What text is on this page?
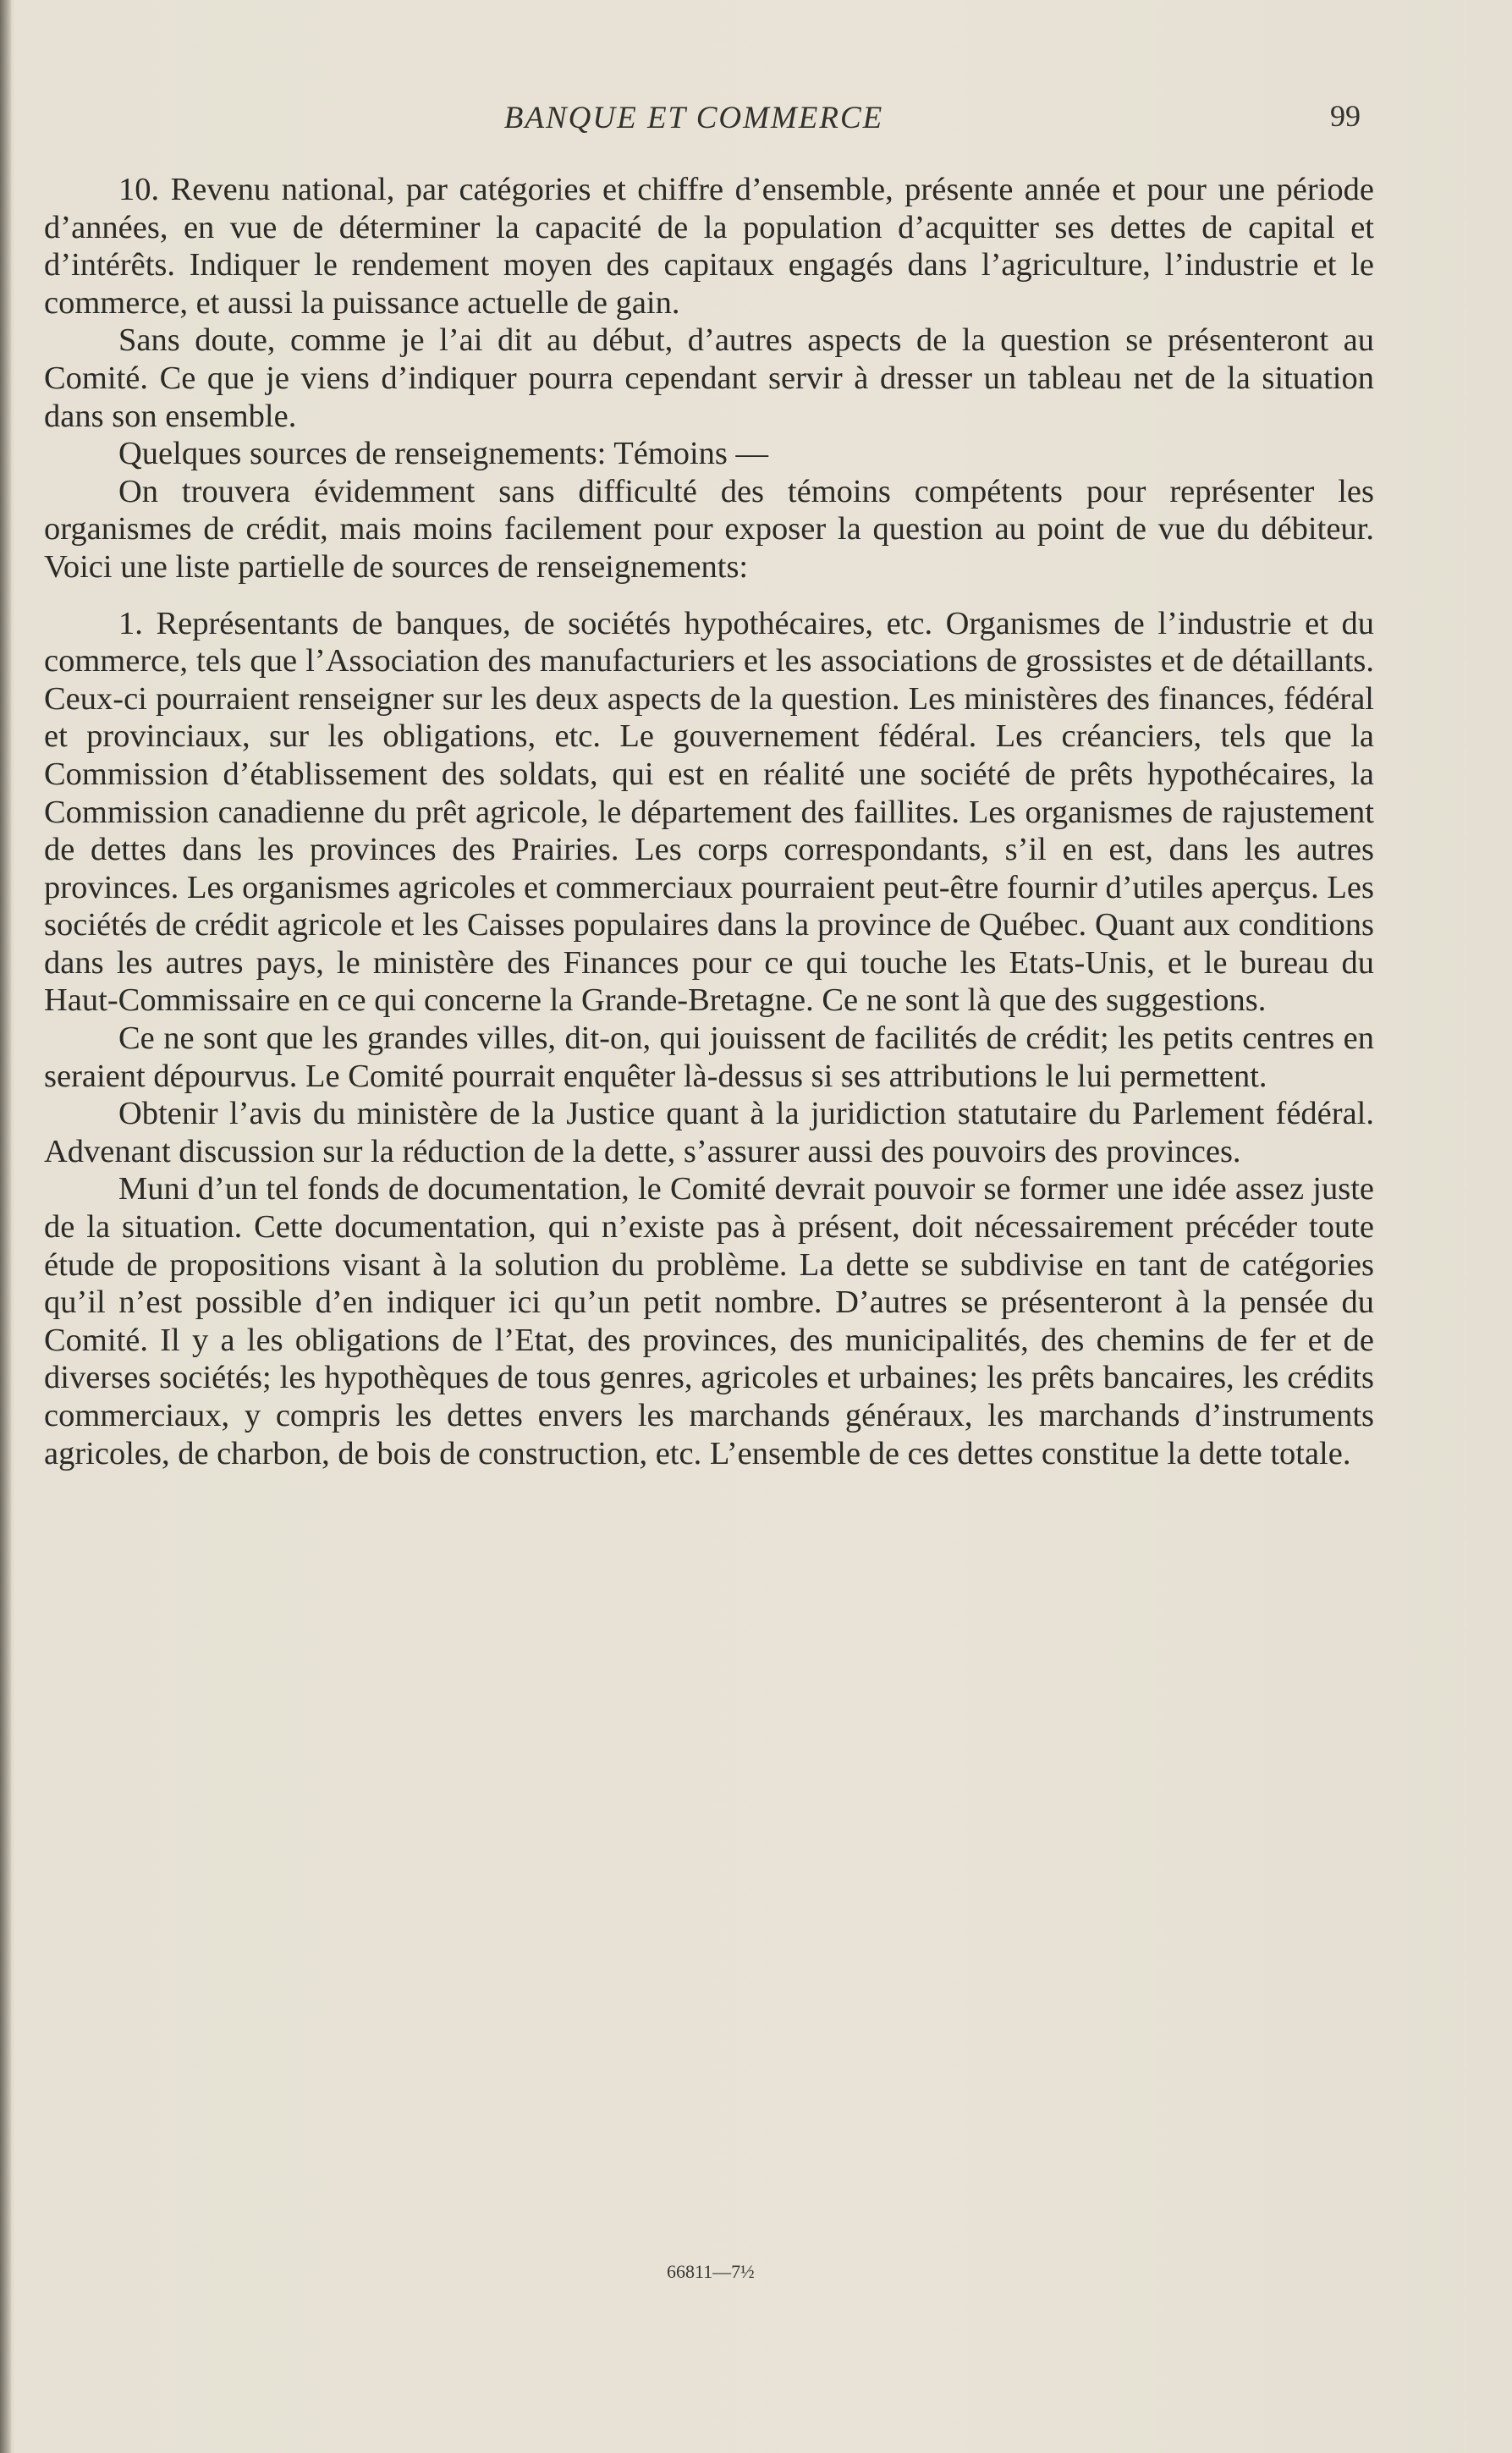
BANQUE ET COMMERCE	99

10. Revenu national, par catégories et chiffre d’ensemble, présente année et pour une période d’années, en vue de déterminer la capacité de la population d’acquitter ses dettes de capital et d’intérêts. Indiquer le rendement moyen des capitaux engagés dans l’agriculture, l’industrie et le commerce, et aussi la puissance actuelle de gain.

Sans doute, comme je l’ai dit au début, d’autres aspects de la question se présenteront au Comité. Ce que je viens d’indiquer pourra cependant servir à dresser un tableau net de la situation dans son ensemble.

Quelques sources de renseignements: Témoins —

On trouvera évidemment sans difficulté des témoins compétents pour représenter les organismes de crédit, mais moins facilement pour exposer la question au point de vue du débiteur. Voici une liste partielle de sources de renseignements:

1. Représentants de banques, de sociétés hypothécaires, etc. Organismes de l’industrie et du commerce, tels que l’Association des manufacturiers et les associations de grossistes et de détaillants. Ceux-ci pourraient renseigner sur les deux aspects de la question. Les ministères des finances, fédéral et provinciaux, sur les obligations, etc. Le gouvernement fédéral. Les créanciers, tels que la Commission d’établissement des soldats, qui est en réalité une société de prêts hypothécaires, la Commission canadienne du prêt agricole, le département des faillites. Les organismes de rajustement de dettes dans les provinces des Prairies. Les corps correspondants, s’il en est, dans les autres provinces. Les organismes agricoles et commerciaux pourraient peut-être fournir d’utiles aperçus. Les sociétés de crédit agricole et les Caisses populaires dans la province de Québec. Quant aux conditions dans les autres pays, le ministère des Finances pour ce qui touche les Etats-Unis, et le bureau du Haut-Commissaire en ce qui concerne la Grande-Bretagne. Ce ne sont là que des suggestions.

Ce ne sont que les grandes villes, dit-on, qui jouissent de facilités de crédit; les petits centres en seraient dépourvus. Le Comité pourrait enquêter là-dessus si ses attributions le lui permettent.

Obtenir l’avis du ministère de la Justice quant à la juridiction statutaire du Parlement fédéral. Advenant discussion sur la réduction de la dette, s’assurer aussi des pouvoirs des provinces.

Muni d’un tel fonds de documentation, le Comité devrait pouvoir se former une idée assez juste de la situation. Cette documentation, qui n’existe pas à présent, doit nécessairement précéder toute étude de propositions visant à la solution du problème. La dette se subdivise en tant de catégories qu’il n’est possible d’en indiquer ici qu’un petit nombre. D’autres se présenteront à la pensée du Comité. Il y a les obligations de l’Etat, des provinces, des municipalités, des chemins de fer et de diverses sociétés; les hypothèques de tous genres, agricoles et urbaines; les prêts bancaires, les crédits commerciaux, y compris les dettes envers les marchands généraux, les marchands d’instruments agricoles, de charbon, de bois de construction, etc. L’ensemble de ces dettes constitue la dette totale.

66811—7½
